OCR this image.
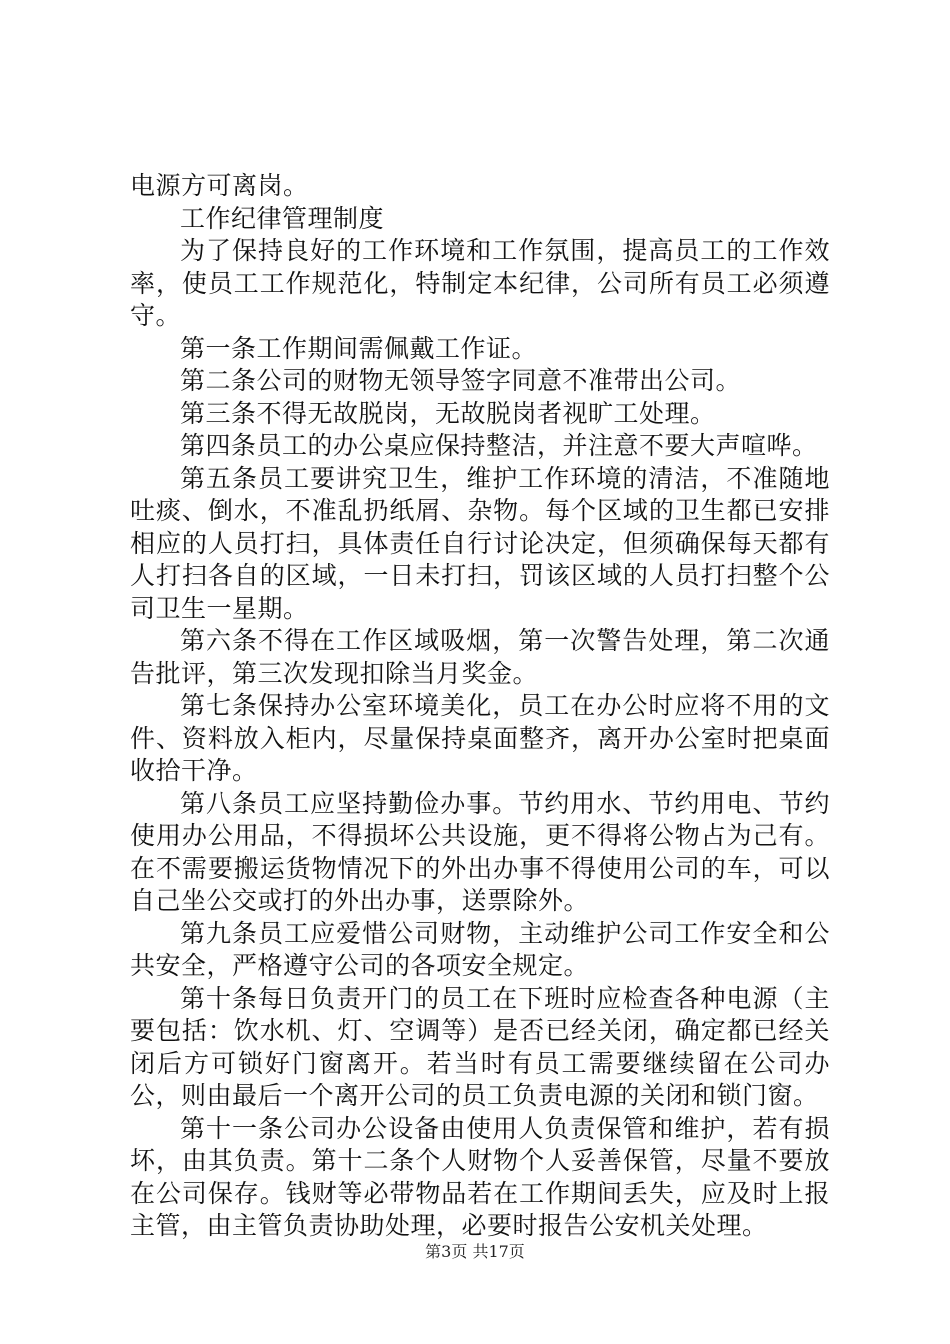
电源方可离岗。

工作纪律管理制度

为了保持良好的工作环境和工作氛围，提高员工的工作效率，使员工工作规范化，特制定本纪律，公司所有员工必须遵守。

第一条工作期间需佩戴工作证。

第二条公司的财物无领导签字同意不准带出公司。

第三条不得无故脱岗，无故脱岗者视旷工处理。

第四条员工的办公桌应保持整洁，并注意不要大声喧哗。

第五条员工要讲究卫生，维护工作环境的清洁，不准随地吐痰、倒水，不准乱扔纸屑、杂物。每个区域的卫生都已安排相应的人员打扫，具体责任自行讨论决定，但须确保每天都有人打扫各自的区域，一日未打扫，罚该区域的人员打扫整个公司卫生一星期。

第六条不得在工作区域吸烟，第一次警告处理，第二次通告批评，第三次发现扣除当月奖金。

第七条保持办公室环境美化，员工在办公时应将不用的文件、资料放入柜内，尽量保持桌面整齐，离开办公室时把桌面收拾干净。

第八条员工应坚持勤俭办事。节约用水、节约用电、节约使用办公用品，不得损坏公共设施，更不得将公物占为己有。在不需要搬运货物情况下的外出办事不得使用公司的车，可以自己坐公交或打的外出办事，送票除外。

第九条员工应爱惜公司财物，主动维护公司工作安全和公共安全，严格遵守公司的各项安全规定。

第十条每日负责开门的员工在下班时应检查各种电源（主要包括：饮水机、灯、空调等）是否已经关闭，确定都已经关闭后方可锁好门窗离开。若当时有员工需要继续留在公司办公，则由最后一个离开公司的员工负责电源的关闭和锁门窗。

第十一条公司办公设备由使用人负责保管和维护，若有损坏，由其负责。第十二条个人财物个人妥善保管，尽量不要放在公司保存。钱财等必带物品若在工作期间丢失，应及时上报主管，由主管负责协助处理，必要时报告公安机关处理。

第3页 共17页
